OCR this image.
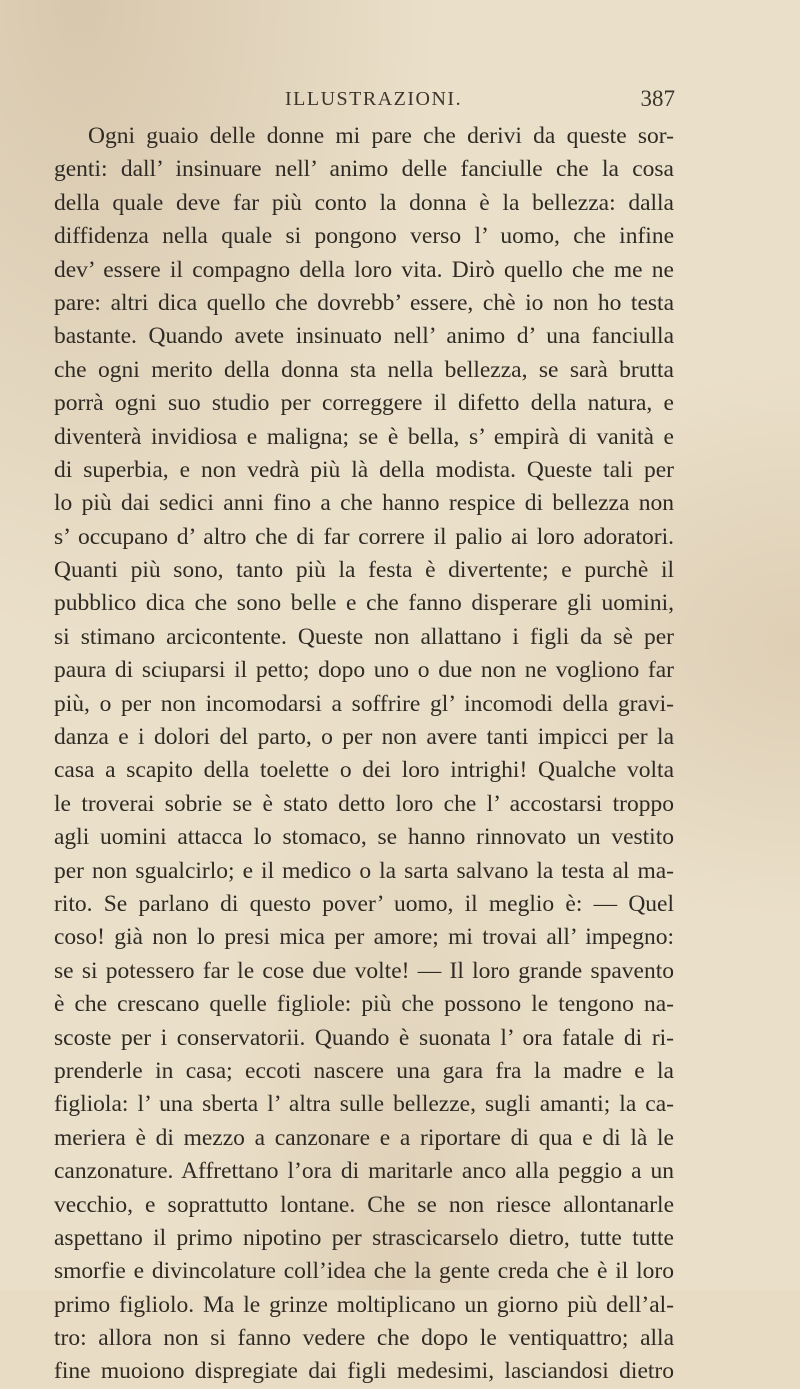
ILLUSTRAZIONI.	387
Ogni guaio delle donne mi pare che derivi da queste sor-
genti: dall’ insinuare nell’ animo delle fanciulle che la cosa
della quale deve far più conto la donna è la bellezza: dalla
diffidenza nella quale si pongono verso l’ uomo, che infine
dev’ essere il compagno della loro vita. Dirò quello che me ne
pare: altri dica quello che dovrebb’ essere, chè io non ho testa
bastante. Quando avete insinuato nell’ animo d’ una fanciulla
che ogni merito della donna sta nella bellezza, se sarà brutta
porrà ogni suo studio per correggere il difetto della natura, e
diventerà invidiosa e maligna; se è bella, s’ empirà di vanità e
di superbia, e non vedrà più là della modista. Queste tali per
lo più dai sedici anni fino a che hanno respice di bellezza non
s’ occupano d’ altro che di far correre il palio ai loro adoratori.
Quanti più sono, tanto più la festa è divertente; e purchè il
pubblico dica che sono belle e che fanno disperare gli uomini,
si stimano arcicontente. Queste non allattano i figli da sè per
paura di sciuparsi il petto; dopo uno o due non ne vogliono far
più, o per non incomodarsi a soffrire gl’ incomodi della gravi-
danza e i dolori del parto, o per non avere tanti impicci per la
casa a scapito della toelette o dei loro intrighi! Qualche volta
le troverai sobrie se è stato detto loro che l’ accostarsi troppo
agli uomini attacca lo stomaco, se hanno rinnovato un vestito
per non sgualcirlo; e il medico o la sarta salvano la testa al ma-
rito. Se parlano di questo pover’ uomo, il meglio è: — Quel
coso! già non lo presi mica per amore; mi trovai all’ impegno:
se si potessero far le cose due volte! — Il loro grande spavento
è che crescano quelle figliole: più che possono le tengono na-
scoste per i conservatorii. Quando è suonata l’ ora fatale di ri-
prenderle in casa; eccoti nascere una gara fra la madre e la
figliola: l’ una sberta l’ altra sulle bellezze, sugli amanti; la ca-
meriera è di mezzo a canzonare e a riportare di qua e di là le
canzonature. Affrettano l’ora di maritarle anco alla peggio a un
vecchio, e soprattutto lontane. Che se non riesce allontanarle
aspettano il primo nipotino per strascicarselo dietro, tutte tutte
smorfie e divincolature coll’idea che la gente creda che è il loro
primo figliolo. Ma le grinze moltiplicano un giorno più dell’al-
tro: allora non si fanno vedere che dopo le ventiquattro; alla
fine muoiono dispregiate dai figli medesimi, lasciandosi dietro
